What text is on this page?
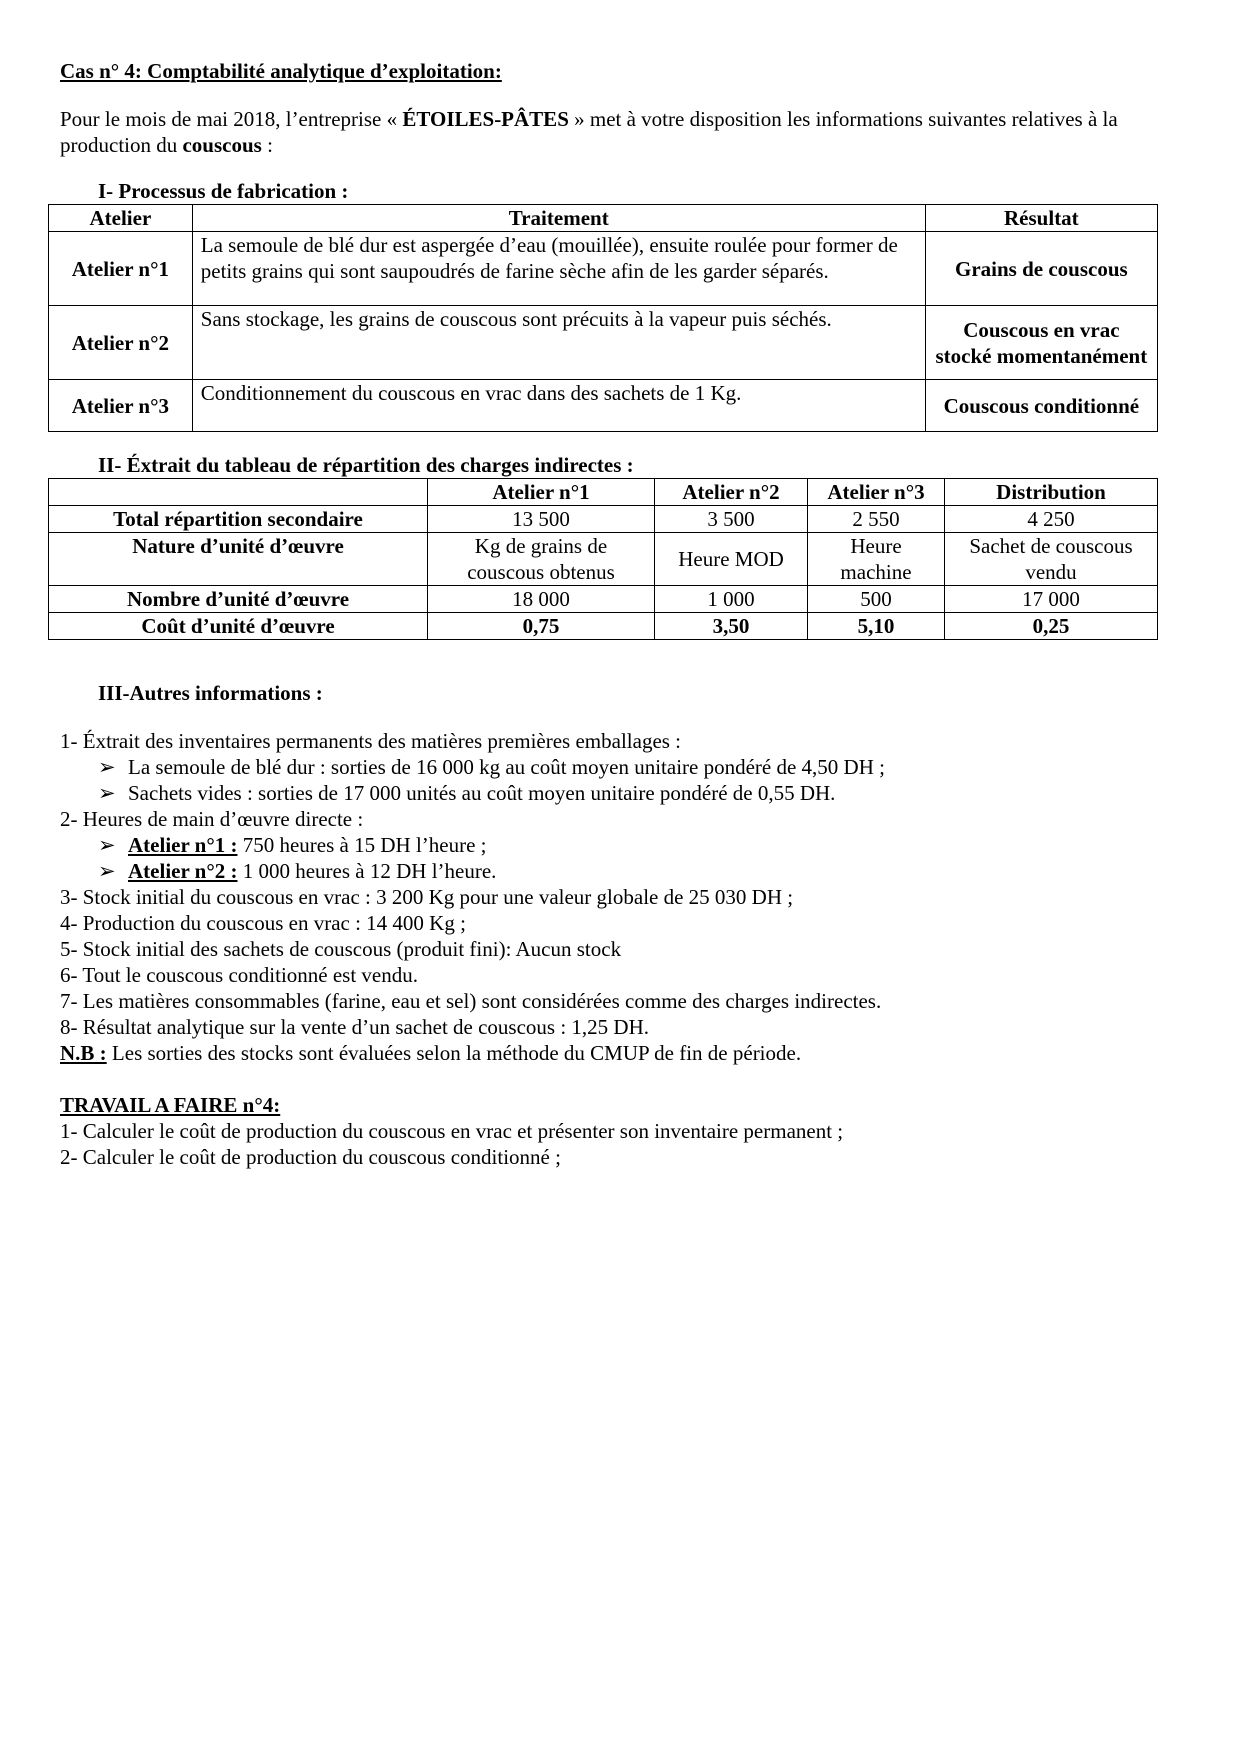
Cas n° 4: Comptabilité analytique d’exploitation:

Pour le mois de mai 2018, l’entreprise « ÉTOILES-PÂTES » met à votre disposition les informations suivantes relatives à la production du couscous :

I- Processus de fabrication :

Atelier	Traitement	Résultat
Atelier n°1	La semoule de blé dur est aspergée d’eau (mouillée), ensuite roulée pour former de petits grains qui sont saupoudrés de farine sèche afin de les garder séparés.	Grains de couscous
Atelier n°2	Sans stockage, les grains de couscous sont précuits à la vapeur puis séchés.	Couscous en vrac stocké momentanément
Atelier n°3	Conditionnement du couscous en vrac dans des sachets de 1 Kg.	Couscous conditionné

II- Éxtrait du tableau de répartition des charges indirectes :

	Atelier n°1	Atelier n°2	Atelier n°3	Distribution
Total répartition secondaire	13 500	3 500	2 550	4 250
Nature d’unité d’œuvre	Kg de grains de couscous obtenus	Heure MOD	Heure machine	Sachet de couscous vendu
Nombre d’unité d’œuvre	18 000	1 000	500	17 000
Coût d’unité d’œuvre	0,75	3,50	5,10	0,25

III-Autres informations :

1- Éxtrait des inventaires permanents des matières premières emballages :

➢ La semoule de blé dur : sorties de 16 000 kg au coût moyen unitaire pondéré de 4,50 DH ;

➢ Sachets vides : sorties de 17 000 unités au coût moyen unitaire pondéré de 0,55 DH.

2- Heures de main d’œuvre directe :

➢ Atelier n°1 : 750 heures à 15 DH l’heure ;

➢ Atelier n°2 : 1 000 heures à 12 DH l’heure.

3- Stock initial du couscous en vrac : 3 200 Kg pour une valeur globale de 25 030 DH ;

4- Production du couscous en vrac : 14 400 Kg ;

5- Stock initial des sachets de couscous (produit fini): Aucun stock

6- Tout le couscous conditionné est vendu.

7- Les matières consommables (farine, eau et sel) sont considérées comme des charges indirectes.

8- Résultat analytique sur la vente d’un sachet de couscous : 1,25 DH.

N.B : Les sorties des stocks sont évaluées selon la méthode du CMUP de fin de période.

TRAVAIL A FAIRE n°4:

1- Calculer le coût de production du couscous en vrac et présenter son inventaire permanent ;

2- Calculer le coût de production du couscous conditionné ;
